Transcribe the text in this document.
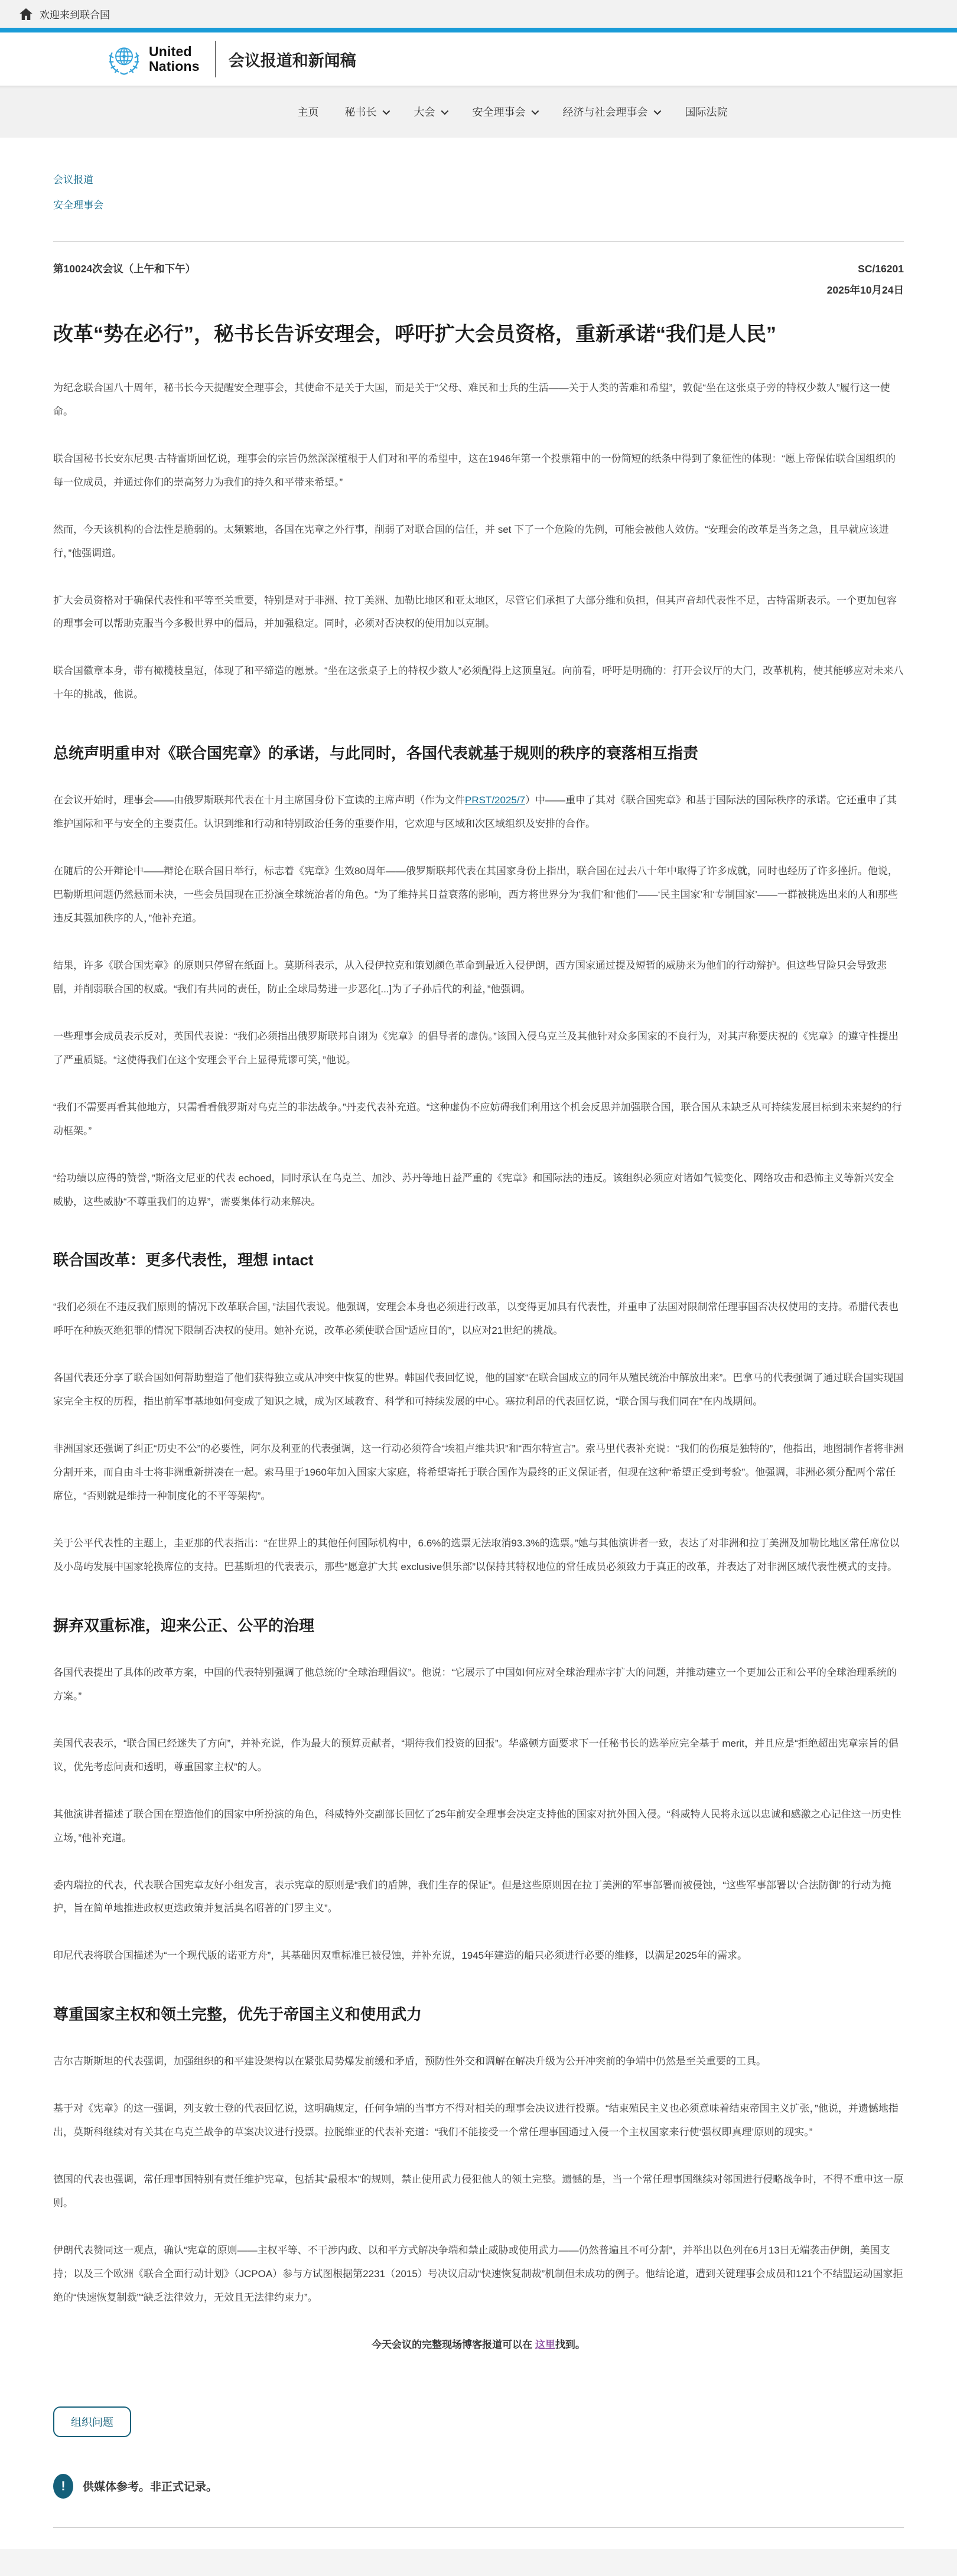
欢迎来到联合国
United
Nations 会议报道和新闻稿
主页 秘书长	大会	安全理事会	经济与社会理事会	国际法院
会议报道
安全理事会
第10024次会议（上午和下午）	SC/16201
2025年10月24日
改革“势在必行”，秘书长告诉安理会，呼吁扩大会员资格，重新承诺“我们是人民”

为纪念联合国八十周年，秘书长今天提醒安全理事会，其使命不是关于大国，而是关于“父母、难民和士兵的生活——关于人类的苦难和希望”，敦促“坐在这张桌子旁的特权少数人”履行这一使命。

联合国秘书长安东尼奥·古特雷斯回忆说，理事会的宗旨仍然深深植根于人们对和平的希望中，这在1946年第一个投票箱中的一份简短的纸条中得到了象征性的体现：“愿上帝保佑联合国组织的每一位成员，并通过你们的崇高努力为我们的持久和平带来希望。”

然而，今天该机构的合法性是脆弱的。太频繁地，各国在宪章之外行事，削弱了对联合国的信任，并 set 下了一个危险的先例，可能会被他人效仿。“安理会的改革是当务之急，且早就应该进行，”他强调道。

扩大会员资格对于确保代表性和平等至关重要，特别是对于非洲、拉丁美洲、加勒比地区和亚太地区，尽管它们承担了大部分维和负担，但其声音却代表性不足，古特雷斯表示。一个更加包容的理事会可以帮助克服当今多极世界中的僵局，并加强稳定。同时，必须对否决权的使用加以克制。

联合国徽章本身，带有橄榄枝皇冠，体现了和平缔造的愿景。“坐在这张桌子上的特权少数人”必须配得上这顶皇冠。向前看，呼吁是明确的：打开会议厅的大门，改革机构，使其能够应对未来八十年的挑战，他说。

总统声明重申对《联合国宪章》的承诺，与此同时，各国代表就基于规则的秩序的衰落相互指责

在会议开始时，理事会——由俄罗斯联邦代表在十月主席国身份下宣读的主席声明（作为文件PRST/2025/7）中——重申了其对《联合国宪章》和基于国际法的国际秩序的承诺。它还重申了其维护国际和平与安全的主要责任。认识到维和行动和特别政治任务的重要作用，它欢迎与区域和次区域组织及安排的合作。

在随后的公开辩论中——辩论在联合国日举行，标志着《宪章》生效80周年——俄罗斯联邦代表在其国家身份上指出，联合国在过去八十年中取得了许多成就，同时也经历了许多挫折。他说，巴勒斯坦问题仍然悬而未决，一些会员国现在正扮演全球统治者的角色。“为了维持其日益衰落的影响，西方将世界分为‘我们’和‘他们’——‘民主国家’和‘专制国家’——一群被挑选出来的人和那些违反其强加秩序的人，”他补充道。

结果，许多《联合国宪章》的原则只停留在纸面上。莫斯科表示，从入侵伊拉克和策划颜色革命到最近入侵伊朗，西方国家通过提及短暂的威胁来为他们的行动辩护。但这些冒险只会导致悲剧，并削弱联合国的权威。“我们有共同的责任，防止全球局势进一步恶化[...]为了子孙后代的利益，”他强调。

一些理事会成员表示反对，英国代表说：“我们必须指出俄罗斯联邦自诩为《宪章》的倡导者的虚伪。”该国入侵乌克兰及其他针对众多国家的不良行为，对其声称要庆祝的《宪章》的遵守性提出了严重质疑。“这使得我们在这个安理会平台上显得荒谬可笑，”他说。

“我们不需要再看其他地方，只需看看俄罗斯对乌克兰的非法战争。”丹麦代表补充道。“这种虚伪不应妨碍我们利用这个机会反思并加强联合国，联合国从未缺乏从可持续发展目标到未来契约的行动框架。”

“给功绩以应得的赞誉，”斯洛文尼亚的代表 echoed，同时承认在乌克兰、加沙、苏丹等地日益严重的《宪章》和国际法的违反。该组织必须应对诸如气候变化、网络攻击和恐怖主义等新兴安全威胁，这些威胁“不尊重我们的边界”，需要集体行动来解决。

联合国改革：更多代表性，理想 intact

“我们必须在不违反我们原则的情况下改革联合国，”法国代表说。他强调，安理会本身也必须进行改革，以变得更加具有代表性，并重申了法国对限制常任理事国否决权使用的支持。希腊代表也呼吁在种族灭绝犯罪的情况下限制否决权的使用。她补充说，改革必须使联合国“适应目的”，以应对21世纪的挑战。

各国代表还分享了联合国如何帮助塑造了他们获得独立或从冲突中恢复的世界。韩国代表回忆说，他的国家“在联合国成立的同年从殖民统治中解放出来”。巴拿马的代表强调了通过联合国实现国家完全主权的历程，指出前军事基地如何变成了知识之城，成为区域教育、科学和可持续发展的中心。塞拉利昂的代表回忆说，“联合国与我们同在”在内战期间。

非洲国家还强调了纠正“历史不公”的必要性，阿尔及利亚的代表强调，这一行动必须符合“埃祖卢维共识”和“西尔特宣言”。索马里代表补充说：“我们的伤痕是独特的”，他指出，地图制作者将非洲分割开来，而自由斗士将非洲重新拼凑在一起。索马里于1960年加入国家大家庭，将希望寄托于联合国作为最终的正义保证者，但现在这种“希望正受到考验”。他强调，非洲必须分配两个常任席位，“否则就是维持一种制度化的不平等架构”。

关于公平代表性的主题上，圭亚那的代表指出：“在世界上的其他任何国际机构中，6.6%的选票无法取消93.3%的选票。”她与其他演讲者一致，表达了对非洲和拉丁美洲及加勒比地区常任席位以及小岛屿发展中国家轮换席位的支持。巴基斯坦的代表表示，那些“愿意扩大其 exclusive俱乐部”以保持其特权地位的常任成员必须致力于真正的改革，并表达了对非洲区域代表性模式的支持。

摒弃双重标准，迎来公正、公平的治理

各国代表提出了具体的改革方案，中国的代表特别强调了他总统的“全球治理倡议”。他说：“它展示了中国如何应对全球治理赤字扩大的问题，并推动建立一个更加公正和公平的全球治理系统的方案。”

美国代表表示，“联合国已经迷失了方向”，并补充说，作为最大的预算贡献者，“期待我们投资的回报”。华盛顿方面要求下一任秘书长的选举应完全基于 merit，并且应是“拒绝超出宪章宗旨的倡议，优先考虑问责和透明，尊重国家主权”的人。

其他演讲者描述了联合国在塑造他们的国家中所扮演的角色，科威特外交副部长回忆了25年前安全理事会决定支持他的国家对抗外国入侵。“科威特人民将永远以忠诚和感激之心记住这一历史性立场，”他补充道。

委内瑞拉的代表，代表联合国宪章友好小组发言，表示宪章的原则是“我们的盾牌，我们生存的保证”。但是这些原则因在拉丁美洲的军事部署而被侵蚀，“这些军事部署以‘合法防御’的行动为掩护，旨在简单地推进政权更迭政策并复活臭名昭著的门罗主义”。

印尼代表将联合国描述为“一个现代版的诺亚方舟”，其基础因双重标准已被侵蚀，并补充说，1945年建造的船只必须进行必要的维修，以满足2025年的需求。

尊重国家主权和领土完整，优先于帝国主义和使用武力

吉尔吉斯斯坦的代表强调，加强组织的和平建设架构以在紧张局势爆发前缓和矛盾，预防性外交和调解在解决升级为公开冲突前的争端中仍然是至关重要的工具。

基于对《宪章》的这一强调，列支敦士登的代表回忆说，这明确规定，任何争端的当事方不得对相关的理事会决议进行投票。“结束殖民主义也必须意味着结束帝国主义扩张，”他说，并遗憾地指出，莫斯科继续对有关其在乌克兰战争的草案决议进行投票。拉脱维亚的代表补充道：“我们不能接受一个常任理事国通过入侵一个主权国家来行使‘强权即真理’原则的现实。”

德国的代表也强调，常任理事国特别有责任维护宪章，包括其“最根本”的规则，禁止使用武力侵犯他人的领土完整。遗憾的是，当一个常任理事国继续对邻国进行侵略战争时，不得不重申这一原则。

伊朗代表赞同这一观点，确认“宪章的原则——主权平等、不干涉内政、以和平方式解决争端和禁止威胁或使用武力——仍然普遍且不可分割”，并举出以色列在6月13日无端袭击伊朗，美国支持；以及三个欧洲《联合全面行动计划》（JCPOA）参与方试图根据第2231（2015）号决议启动“快速恢复制裁”机制但未成功的例子。他结论道，遭到关键理事会成员和121个不结盟运动国家拒绝的“快速恢复制裁”“缺乏法律效力，无效且无法律约束力”。

今天会议的完整现场博客报道可以在 这里找到。

组织问题
!	供媒体参考。非正式记录。
